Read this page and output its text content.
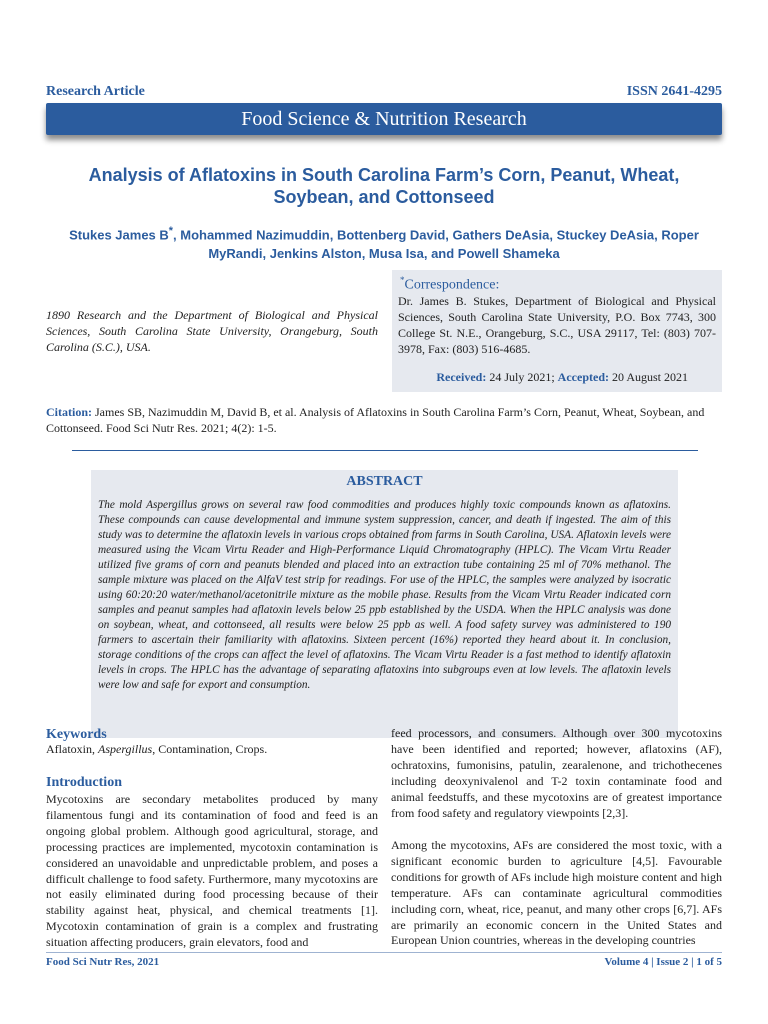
Research Article	ISSN 2641-4295
Food Science & Nutrition Research
Analysis of Aflatoxins in South Carolina Farm’s Corn, Peanut, Wheat, Soybean, and Cottonseed
Stukes James B*, Mohammed Nazimuddin, Bottenberg David, Gathers DeAsia, Stuckey DeAsia, Roper MyRandi, Jenkins Alston, Musa Isa, and Powell Shameka
1890 Research and the Department of Biological and Physical Sciences, South Carolina State University, Orangeburg, South Carolina (S.C.), USA.
*Correspondence:
Dr. James B. Stukes, Department of Biological and Physical Sciences, South Carolina State University, P.O. Box 7743, 300 College St. N.E., Orangeburg, S.C., USA 29117, Tel: (803) 707-3978, Fax: (803) 516-4685.
Received: 24 July 2021; Accepted: 20 August 2021
Citation: James SB, Nazimuddin M, David B, et al. Analysis of Aflatoxins in South Carolina Farm’s Corn, Peanut, Wheat, Soybean, and Cottonseed. Food Sci Nutr Res. 2021; 4(2): 1-5.
ABSTRACT
The mold Aspergillus grows on several raw food commodities and produces highly toxic compounds known as aflatoxins. These compounds can cause developmental and immune system suppression, cancer, and death if ingested. The aim of this study was to determine the aflatoxin levels in various crops obtained from farms in South Carolina, USA. Aflatoxin levels were measured using the Vicam Virtu Reader and High-Performance Liquid Chromatography (HPLC). The Vicam Virtu Reader utilized five grams of corn and peanuts blended and placed into an extraction tube containing 25 ml of 70% methanol. The sample mixture was placed on the AlfaV test strip for readings. For use of the HPLC, the samples were analyzed by isocratic using 60:20:20 water/methanol/acetonitrile mixture as the mobile phase. Results from the Vicam Virtu Reader indicated corn samples and peanut samples had aflatoxin levels below 25 ppb established by the USDA. When the HPLC analysis was done on soybean, wheat, and cottonseed, all results were below 25 ppb as well. A food safety survey was administered to 190 farmers to ascertain their familiarity with aflatoxins. Sixteen percent (16%) reported they heard about it. In conclusion, storage conditions of the crops can affect the level of aflatoxins. The Vicam Virtu Reader is a fast method to identify aflatoxin levels in crops. The HPLC has the advantage of separating aflatoxins into subgroups even at low levels. The aflatoxin levels were low and safe for export and consumption.
Keywords
Aflatoxin, Aspergillus, Contamination, Crops.
Introduction
Mycotoxins are secondary metabolites produced by many filamentous fungi and its contamination of food and feed is an ongoing global problem. Although good agricultural, storage, and processing practices are implemented, mycotoxin contamination is considered an unavoidable and unpredictable problem, and poses a difficult challenge to food safety. Furthermore, many mycotoxins are not easily eliminated during food processing because of their stability against heat, physical, and chemical treatments [1]. Mycotoxin contamination of grain is a complex and frustrating situation affecting producers, grain elevators, food and
feed processors, and consumers. Although over 300 mycotoxins have been identified and reported; however, aflatoxins (AF), ochratoxins, fumonisins, patulin, zearalenone, and trichothecenes including deoxynivalenol and T-2 toxin contaminate food and animal feedstuffs, and these mycotoxins are of greatest importance from food safety and regulatory viewpoints [2,3].
Among the mycotoxins, AFs are considered the most toxic, with a significant economic burden to agriculture [4,5]. Favourable conditions for growth of AFs include high moisture content and high temperature. AFs can contaminate agricultural commodities including corn, wheat, rice, peanut, and many other crops [6,7]. AFs are primarily an economic concern in the United States and European Union countries, whereas in the developing countries
Food Sci Nutr Res, 2021	Volume 4 | Issue 2 | 1 of 5
